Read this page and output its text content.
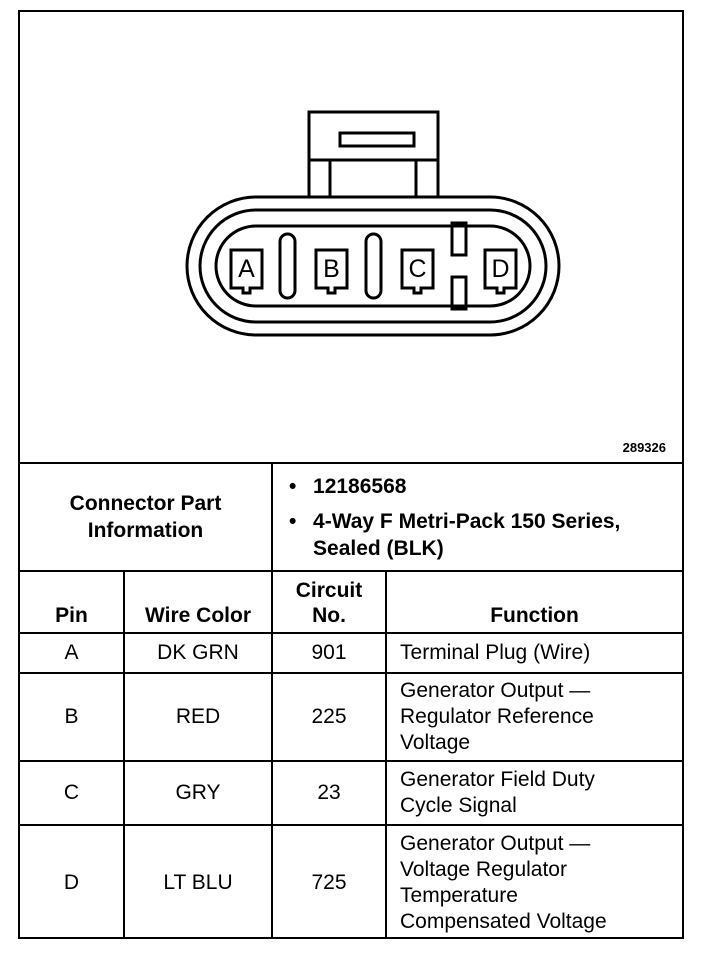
A	B	C	D
289326
Connector Part Information		• 12186568
• 4-Way F Metri-Pack 150 Series, Sealed (BLK)

Pin	Wire Color	Circuit No.	Function
A	DK GRN	901	Terminal Plug (Wire)
B	RED	225	Generator Output — Regulator Reference Voltage

C	GRY	23	Generator Field Duty Cycle Signal

D	LT BLU	725	Generator Output — Voltage Regulator Temperature Compensated Voltage
